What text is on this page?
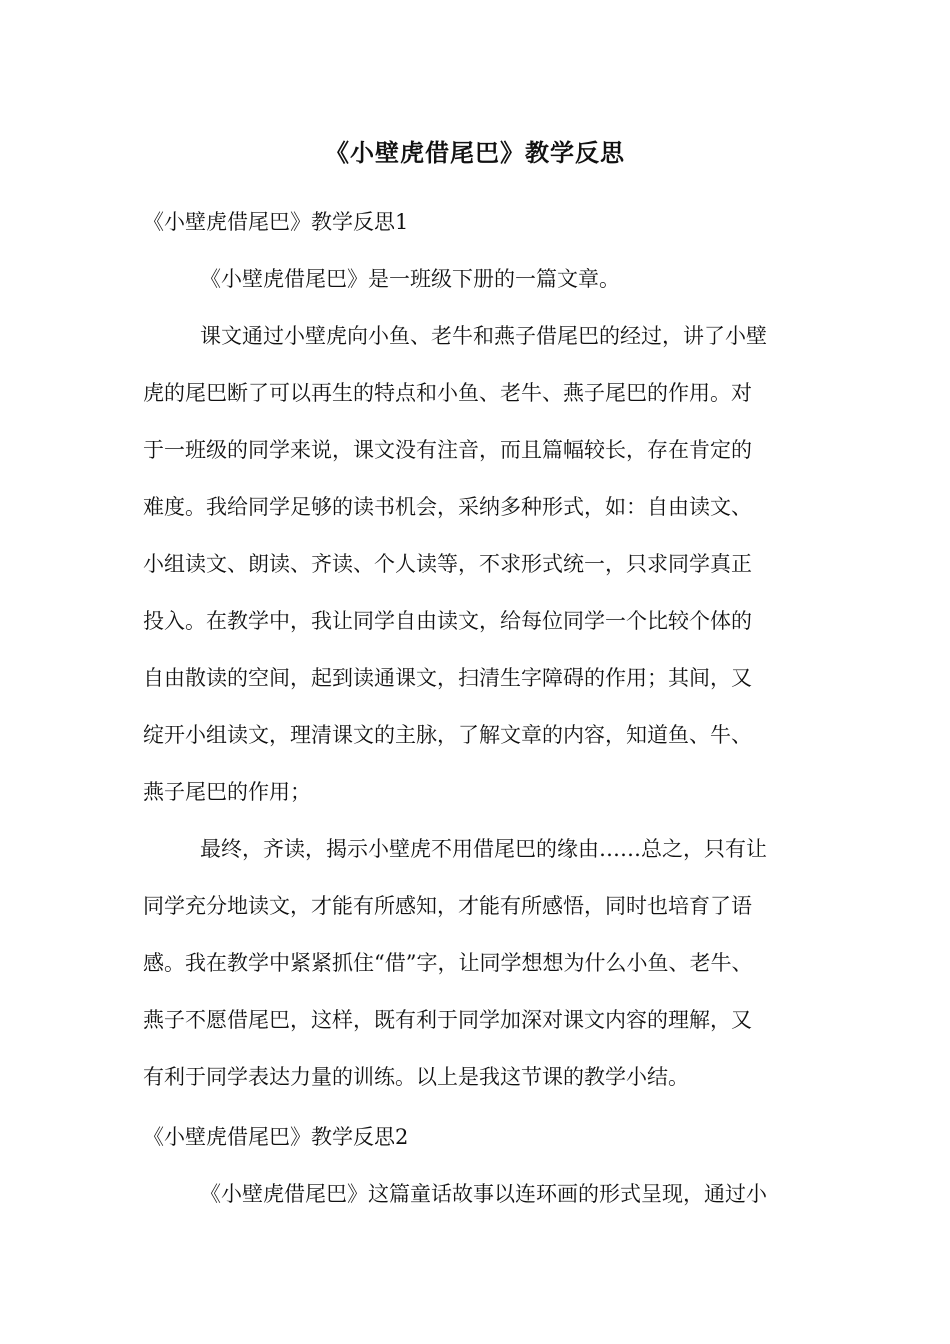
《小壁虎借尾巴》教学反思
《小壁虎借尾巴》教学反思1
《小壁虎借尾巴》是一班级下册的一篇文章。
课文通过小壁虎向小鱼、老牛和燕子借尾巴的经过，讲了小壁
虎的尾巴断了可以再生的特点和小鱼、老牛、燕子尾巴的作用。对
于一班级的同学来说，课文没有注音，而且篇幅较长，存在肯定的
难度。我给同学足够的读书机会，采纳多种形式，如：自由读文、
小组读文、朗读、齐读、个人读等，不求形式统一，只求同学真正
投入。在教学中，我让同学自由读文，给每位同学一个比较个体的
自由散读的空间，起到读通课文，扫清生字障碍的作用；其间，又
绽开小组读文，理清课文的主脉，了解文章的内容，知道鱼、牛、
燕子尾巴的作用；
最终，齐读，揭示小壁虎不用借尾巴的缘由……总之，只有让
同学充分地读文，才能有所感知，才能有所感悟，同时也培育了语
感。我在教学中紧紧抓住“借”字，让同学想想为什么小鱼、老牛、
燕子不愿借尾巴，这样，既有利于同学加深对课文内容的理解，又
有利于同学表达力量的训练。以上是我这节课的教学小结。
《小壁虎借尾巴》教学反思2
《小壁虎借尾巴》这篇童话故事以连环画的形式呈现，通过小
